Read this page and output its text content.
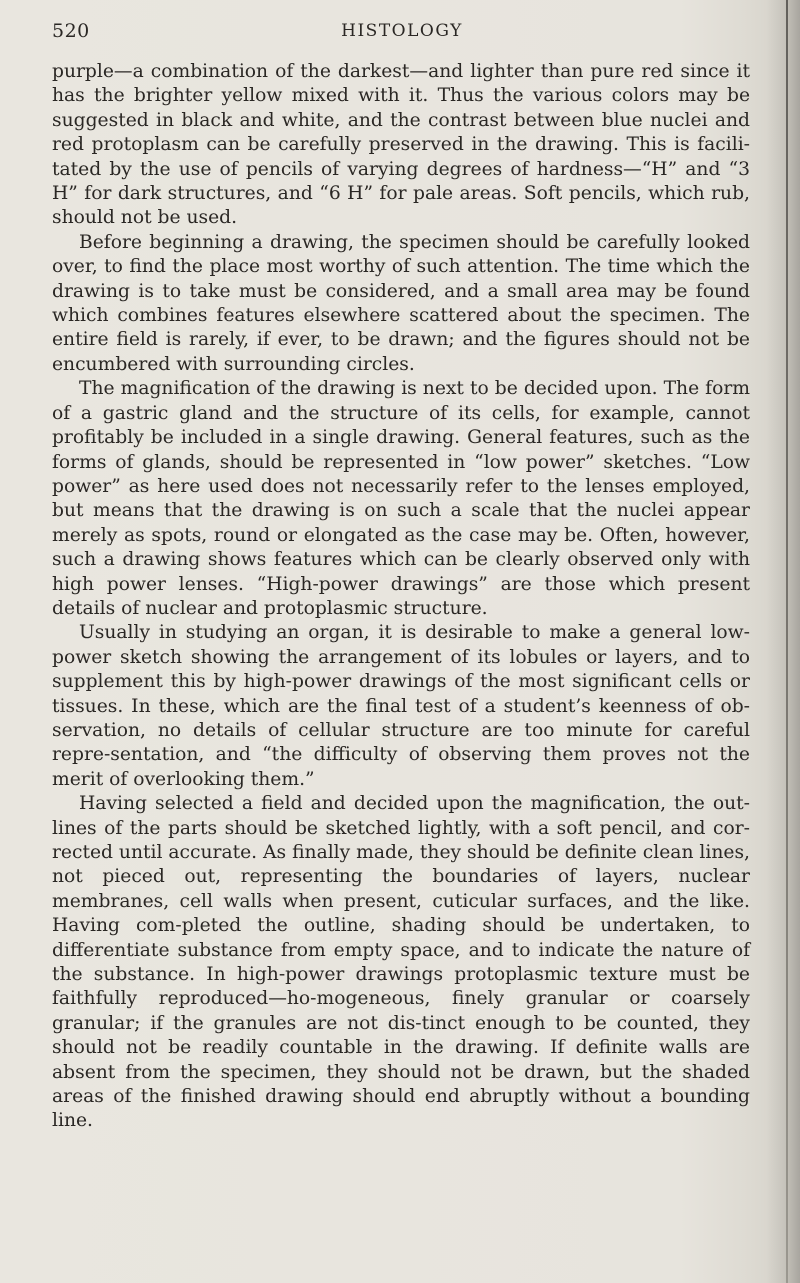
520	HISTOLOGY

purple—a combination of the darkest—and lighter than pure red since it has the brighter yellow mixed with it. Thus the various colors may be suggested in black and white, and the contrast between blue nuclei and red protoplasm can be carefully preserved in the drawing. This is facili-tated by the use of pencils of varying degrees of hardness—“H” and “3 H” for dark structures, and “6 H” for pale areas. Soft pencils, which rub, should not be used.

Before beginning a drawing, the specimen should be carefully looked over, to find the place most worthy of such attention. The time which the drawing is to take must be considered, and a small area may be found which combines features elsewhere scattered about the specimen. The entire field is rarely, if ever, to be drawn; and the figures should not be encumbered with surrounding circles.

The magnification of the drawing is next to be decided upon. The form of a gastric gland and the structure of its cells, for example, cannot profitably be included in a single drawing. General features, such as the forms of glands, should be represented in “low power” sketches. “Low power” as here used does not necessarily refer to the lenses employed, but means that the drawing is on such a scale that the nuclei appear merely as spots, round or elongated as the case may be. Often, however, such a drawing shows features which can be clearly observed only with high power lenses. “High-power drawings” are those which present details of nuclear and protoplasmic structure.

Usually in studying an organ, it is desirable to make a general low-power sketch showing the arrangement of its lobules or layers, and to supplement this by high-power drawings of the most significant cells or tissues. In these, which are the final test of a student’s keenness of ob-servation, no details of cellular structure are too minute for careful repre-sentation, and “the difficulty of observing them proves not the merit of overlooking them.”

Having selected a field and decided upon the magnification, the out-lines of the parts should be sketched lightly, with a soft pencil, and cor-rected until accurate. As finally made, they should be definite clean lines, not pieced out, representing the boundaries of layers, nuclear membranes, cell walls when present, cuticular surfaces, and the like. Having com-pleted the outline, shading should be undertaken, to differentiate substance from empty space, and to indicate the nature of the substance. In high-power drawings protoplasmic texture must be faithfully reproduced—ho-mogeneous, finely granular or coarsely granular; if the granules are not dis-tinct enough to be counted, they should not be readily countable in the drawing. If definite walls are absent from the specimen, they should not be drawn, but the shaded areas of the finished drawing should end abruptly without a bounding line.
